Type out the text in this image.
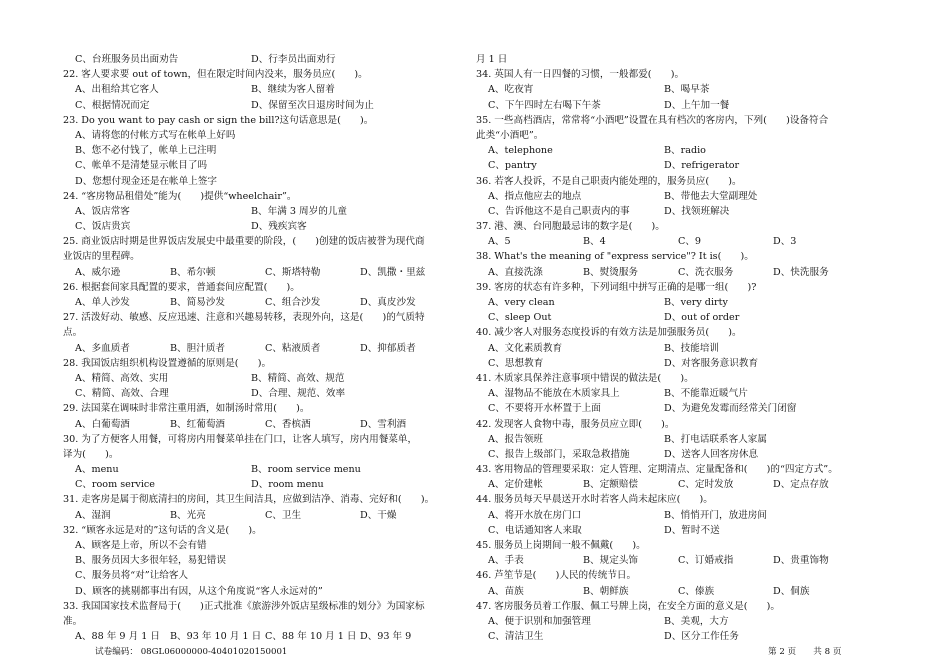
C、台班服务员出面劝告	D、行李员出面劝行
22. 客人要求要 out of town，但在限定时间内没来，服务员应(　　)。
A、出租给其它客人	B、继续为客人留着
C、根据情况而定	D、保留至次日退房时间为止
23. Do you want to pay cash or sign the bill?这句话意思是(　　)。
A、请将您的付帐方式写在帐单上好吗
B、您不必付钱了，帐单上已注明
C、帐单不是清楚显示帐目了吗
D、您想付现金还是在帐单上签字
24. “客房物品租借处”能为(　　)提供“wheelchair”。
A、饭店常客	B、年满 3 周岁的儿童
C、饭店贵宾	D、残疾宾客
25. 商业饭店时期是世界饭店发展史中最重要的阶段，(　　)创建的饭店被誉为现代商
业饭店的里程碑。
A、威尔逊	B、希尔顿	C、斯塔特勒	D、凯撒・里兹
26. 根据套间家具配置的要求，普通套间应配置(　　)。
A、单人沙发	B、简易沙发	C、组合沙发	D、真皮沙发
27. 活泼好动、敏感、反应迅速、注意和兴趣易转移，表现外向，这是(　　)的气质特
点。
A、多血质者	B、胆汁质者	C、粘液质者	D、抑郁质者
28. 我国饭店组织机构设置遵循的原则是(　　)。
A、精简、高效、实用	B、精简、高效、规范
C、精简、高效、合理	D、合理、规范、效率
29. 法国菜在调味时非常注重用酒，如制汤时常用(　　)。
A、白葡萄酒	B、红葡萄酒	C、香槟酒	D、雪利酒
30. 为了方便客人用餐，可将房内用餐菜单挂在门口，让客人填写，房内用餐菜单，
译为(　　)。
A、menu	B、room service menu
C、room service	D、room menu
31. 走客房是属于彻底清扫的房间，其卫生间洁具，应做到洁净、消毒、完好和(　　)。
A、湿润	B、光亮	C、卫生	D、干燥
32. “顾客永远是对的”这句话的含义是(　　)。
A、顾客是上帝，所以不会有错
B、服务员因大多很年轻，易犯错误
C、服务员将“对”让给客人
D、顾客的挑剔都事出有因，从这个角度说“客人永远对的”
33. 我国国家技术监督局于(　　)正式批准《旅游涉外饭店星级标准的划分》为国家标
准。
A、88 年 9 月 1 日 B、93 年 10 月 1 日 C、88 年 10 月 1 日 D、93 年 9
月 1 日
34. 英国人有一日四餐的习惯，一般都爱(　　)。
A、吃夜宵	B、喝早茶
C、下午四时左右喝下午茶	D、上午加一餐
35. 一些高档酒店，常常将“小酒吧”设置在具有档次的客房内，下列(　　)设备符合
此类“小酒吧”。
A、telephone	B、radio
C、pantry	D、refrigerator
36. 若客人投诉，不是自己职责内能处理的，服务员应(　　)。
A、指点他应去的地点	B、带他去大堂副理处
C、告诉他这不是自己职责内的事	D、找领班解决
37. 港、澳、台同胞最忌讳的数字是(　　)。
A、5	B、4	C、9	D、3
38. What's the meaning of "express service"? It is(　　)。
A、直接洗涤	B、熨烫服务	C、洗衣服务	D、快洗服务
39. 客房的状态有许多种，下列词组中拼写正确的是哪一组(　　)?
A、very clean	B、very dirty
C、sleep Out	D、out of order
40. 减少客人对服务态度投诉的有效方法是加强服务员(　　)。
A、文化素质教育	B、技能培训
C、思想教育	D、对客服务意识教育
41. 木质家具保养注意事项中错误的做法是(　　)。
A、湿物品不能放在木质家具上	B、不能靠近暖气片
C、不要将开水杯置于上面	D、为避免发霉而经常关门闭窗
42. 发现客人食物中毒，服务员应立即(　　)。
A、报告领班	B、打电话联系客人家属
C、报告上级部门，采取急救措施	D、送客人回客房休息
43. 客用物品的管理要采取：定人管理、定期清点、定量配备和(　　)的“四定方式”。
A、定价建帐	B、定额赔偿	C、定时发放	D、定点存放
44. 服务员每天早晨送开水时若客人尚未起床应(　　)。
A、将开水放在房门口	B、悄悄开门，放进房间
C、电话通知客人来取	D、暂时不送
45. 服务员上岗期间一般不佩戴(　　)。
A、手表	B、规定头饰	C、订婚戒指	D、贵重饰物
46. 芦笙节是(　　)人民的传统节日。
A、苗族	B、朝鲜族	C、傣族	D、侗族
47. 客房服务员着工作服、佩工号牌上岗，在安全方面的意义是(　　)。
A、便于识别和加强管理	B、美观，大方
C、清洁卫生	D、区分工作任务
试卷编码： 08GL06000000-40401020150001	第 2 页　　共 8 页
